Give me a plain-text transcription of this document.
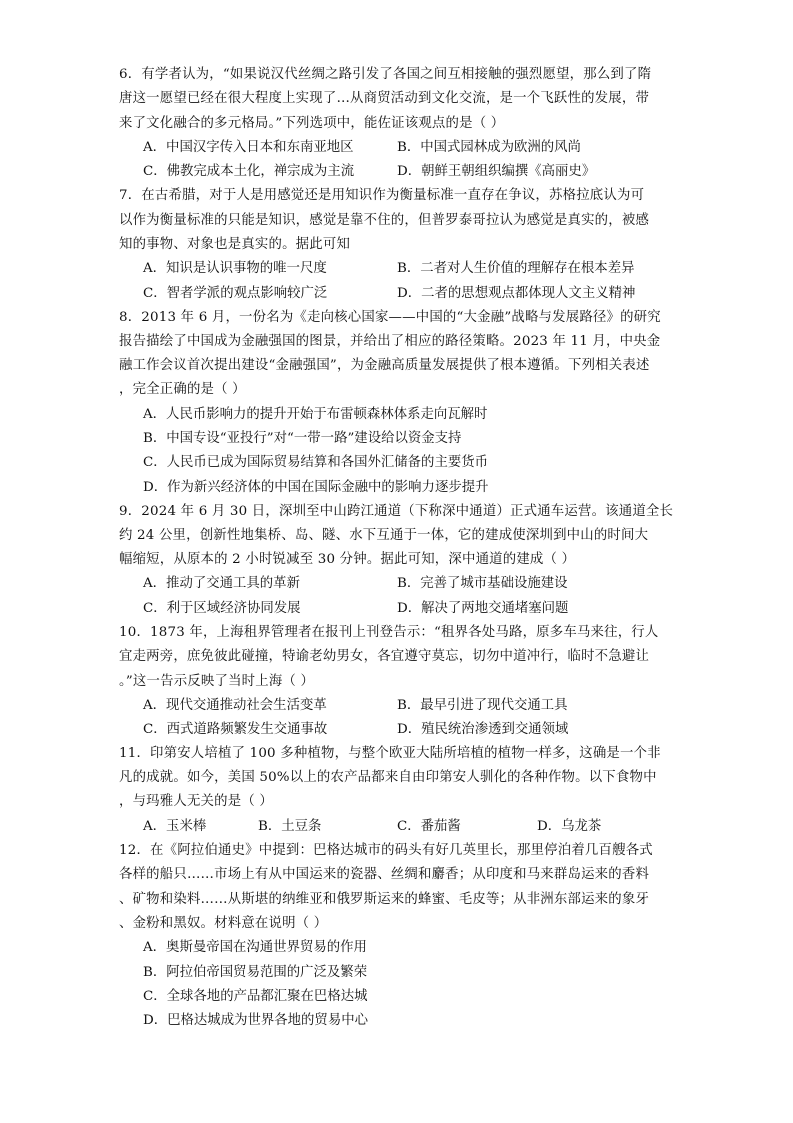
6．有学者认为，“如果说汉代丝绸之路引发了各国之间互相接触的强烈愿望，那么到了隋
唐这一愿望已经在很大程度上实现了…从商贸活动到文化交流，是一个飞跃性的发展，带
来了文化融合的多元格局。”下列选项中，能佐证该观点的是（ ）
A．中国汉字传入日本和东南亚地区	B．中国式园林成为欧洲的风尚
C．佛教完成本土化，禅宗成为主流	D．朝鲜王朝组织编撰《高丽史》
7．在古希腊，对于人是用感觉还是用知识作为衡量标准一直存在争议，苏格拉底认为可
以作为衡量标准的只能是知识，感觉是靠不住的，但普罗泰哥拉认为感觉是真实的，被感
知的事物、对象也是真实的。据此可知
A．知识是认识事物的唯一尺度	B．二者对人生价值的理解存在根本差异
C．智者学派的观点影响较广泛	D．二者的思想观点都体现人文主义精神
8．2013 年 6 月，一份名为《走向核心国家——中国的“大金融”战略与发展路径》的研究
报告描绘了中国成为金融强国的图景，并给出了相应的路径策略。2023 年 11 月，中央金
融工作会议首次提出建设“金融强国”，为金融高质量发展提供了根本遵循。下列相关表述
，完全正确的是（ ）
A．人民币影响力的提升开始于布雷顿森林体系走向瓦解时
B．中国专设“亚投行”对“一带一路”建设给以资金支持
C．人民币已成为国际贸易结算和各国外汇储备的主要货币
D．作为新兴经济体的中国在国际金融中的影响力逐步提升
9．2024 年 6 月 30 日，深圳至中山跨江通道（下称深中通道）正式通车运营。该通道全长
约 24 公里，创新性地集桥、岛、隧、水下互通于一体，它的建成使深圳到中山的时间大
幅缩短，从原本的 2 小时锐减至 30 分钟。据此可知，深中通道的建成（ ）
A．推动了交通工具的革新	B．完善了城市基础设施建设
C．利于区域经济协同发展	D．解决了两地交通堵塞问题
10．1873 年，上海租界管理者在报刊上刊登告示：“租界各处马路，原多车马来往，行人
宜走两旁，庶免彼此碰撞，特谕老幼男女，各宜遵守莫忘，切勿中道冲行，临时不急避让
。”这一告示反映了当时上海（ ）
A．现代交通推动社会生活变革	B．最早引进了现代交通工具
C．西式道路频繁发生交通事故	D．殖民统治渗透到交通领域
11．印第安人培植了 100 多种植物，与整个欧亚大陆所培植的植物一样多，这确是一个非
凡的成就。如今，美国 50%以上的农产品都来自由印第安人驯化的各种作物。以下食物中
，与玛雅人无关的是（ ）
A．玉米棒	B．土豆条	C．番茄酱	D．乌龙茶
12．在《阿拉伯通史》中提到：巴格达城市的码头有好几英里长，那里停泊着几百艘各式
各样的船只……市场上有从中国运来的瓷器、丝绸和麝香；从印度和马来群岛运来的香料
、矿物和染料……从斯堪的纳维亚和俄罗斯运来的蜂蜜、毛皮等；从非洲东部运来的象牙
、金粉和黑奴。材料意在说明（ ）
A．奥斯曼帝国在沟通世界贸易的作用
B．阿拉伯帝国贸易范围的广泛及繁荣
C．全球各地的产品都汇聚在巴格达城
D．巴格达城成为世界各地的贸易中心
